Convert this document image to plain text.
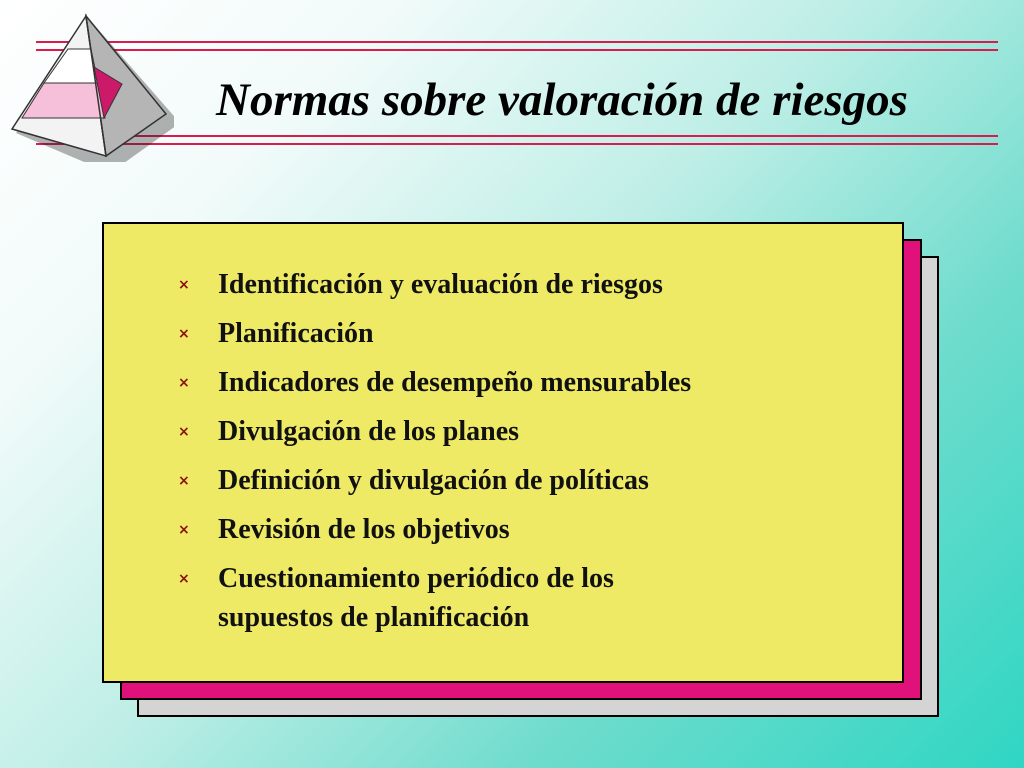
Normas sobre valoración de riesgos
×	Identificación y evaluación de riesgos
×	Planificación
×	Indicadores de desempeño mensurables
×	Divulgación de los planes
×	Definición y divulgación de políticas
×	Revisión de los objetivos
×	Cuestionamiento periódico de los supuestos de planificación
